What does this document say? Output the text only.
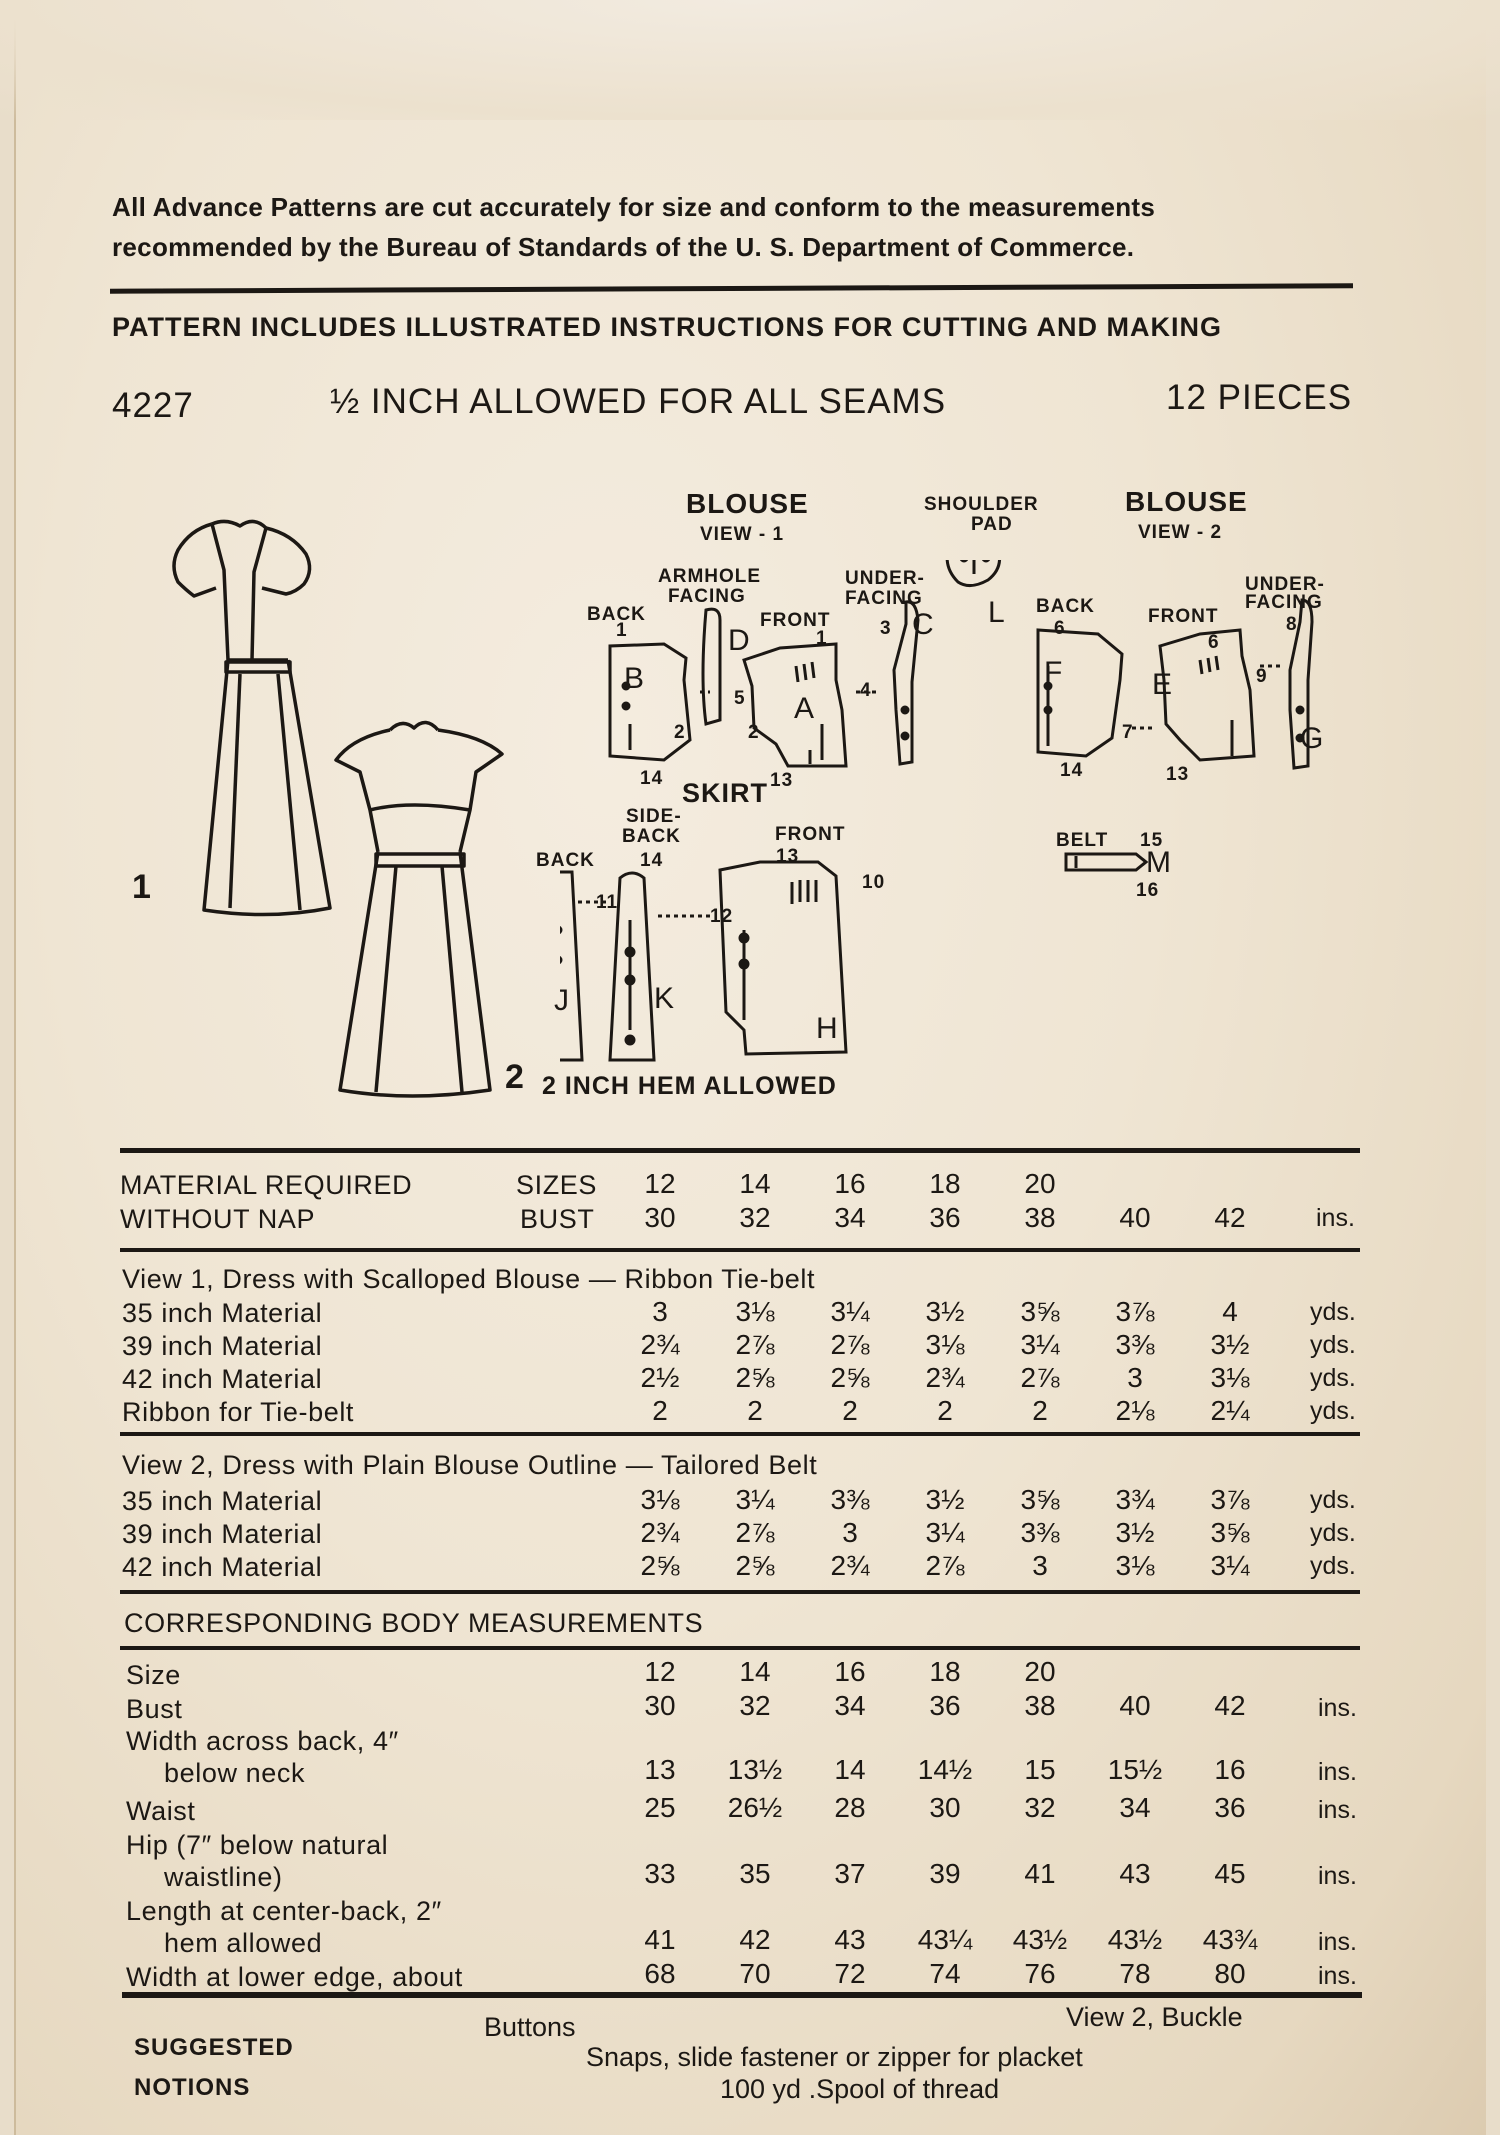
All Advance Patterns are cut accurately for size and conform to the measurements
recommended by the Bureau of Standards of the U. S. Department of Commerce.
PATTERN INCLUDES ILLUSTRATED INSTRUCTIONS FOR CUTTING AND MAKING
4227	½ INCH ALLOWED FOR ALL SEAMS	12 PIECES
1
2
BLOUSE
VIEW - 1
BLOUSE
VIEW - 2
SHOULDER
PAD
ARMHOLE
FACING
UNDER-
FACING
UNDER-
FACING
BACK	FRONT
BACK	FRONT
SKIRT
SIDE-
BACK
BACK
FRONT	BELT
2 INCH HEM ALLOWED
B
D
A
C L
F	E
G
M
J	K
H
1	1
2	2
3
4
5
6
6
7
8
9
10
11
12
13	13
13
14	14
14
15
16
MATERIAL REQUIRED
WITHOUT NAP
SIZES
BUST
12	14	16	18	20
30	32	34	36	38	40	42	ins.
View 1, Dress with Scalloped Blouse — Ribbon Tie-belt
35 inch Material	3	3⅛	3¼	3½	3⅝	3⅞	4	yds.
39 inch Material	2¾	2⅞	2⅞	3⅛	3¼	3⅜	3½	yds.
42 inch Material	2½	2⅝	2⅝	2¾	2⅞	3	3⅛	yds.
Ribbon for Tie-belt	2	2	2	2	2	2⅛	2¼	yds.
View 2, Dress with Plain Blouse Outline — Tailored Belt
35 inch Material	3⅛	3¼	3⅜	3½	3⅝	3¾	3⅞	yds.
39 inch Material	2¾	2⅞	3	3¼	3⅜	3½	3⅝	yds.
42 inch Material	2⅝	2⅝	2¾	2⅞	3	3⅛	3¼	yds.
CORRESPONDING BODY MEASUREMENTS
Size	12	14	16	18	20
Bust	30	32	34	36	38	40	42	ins.
Width across back, 4″
below neck	13	13½	14	14½	15	15½	16	ins.
Waist	25	26½	28	30	32	34	36	ins.
Hip (7″ below natural
waistline)	33	35	37	39	41	43	45	ins.
Length at center-back, 2″
hem allowed	41	42	43	43¼ 43½ 43½ 43¾	ins.
Width at lower edge, about	68	70	72	74	76	78	80	ins.
SUGGESTED
NOTIONS
Buttons	View 2, Buckle
Snaps, slide fastener or zipper for placket
100 yd .Spool of thread
